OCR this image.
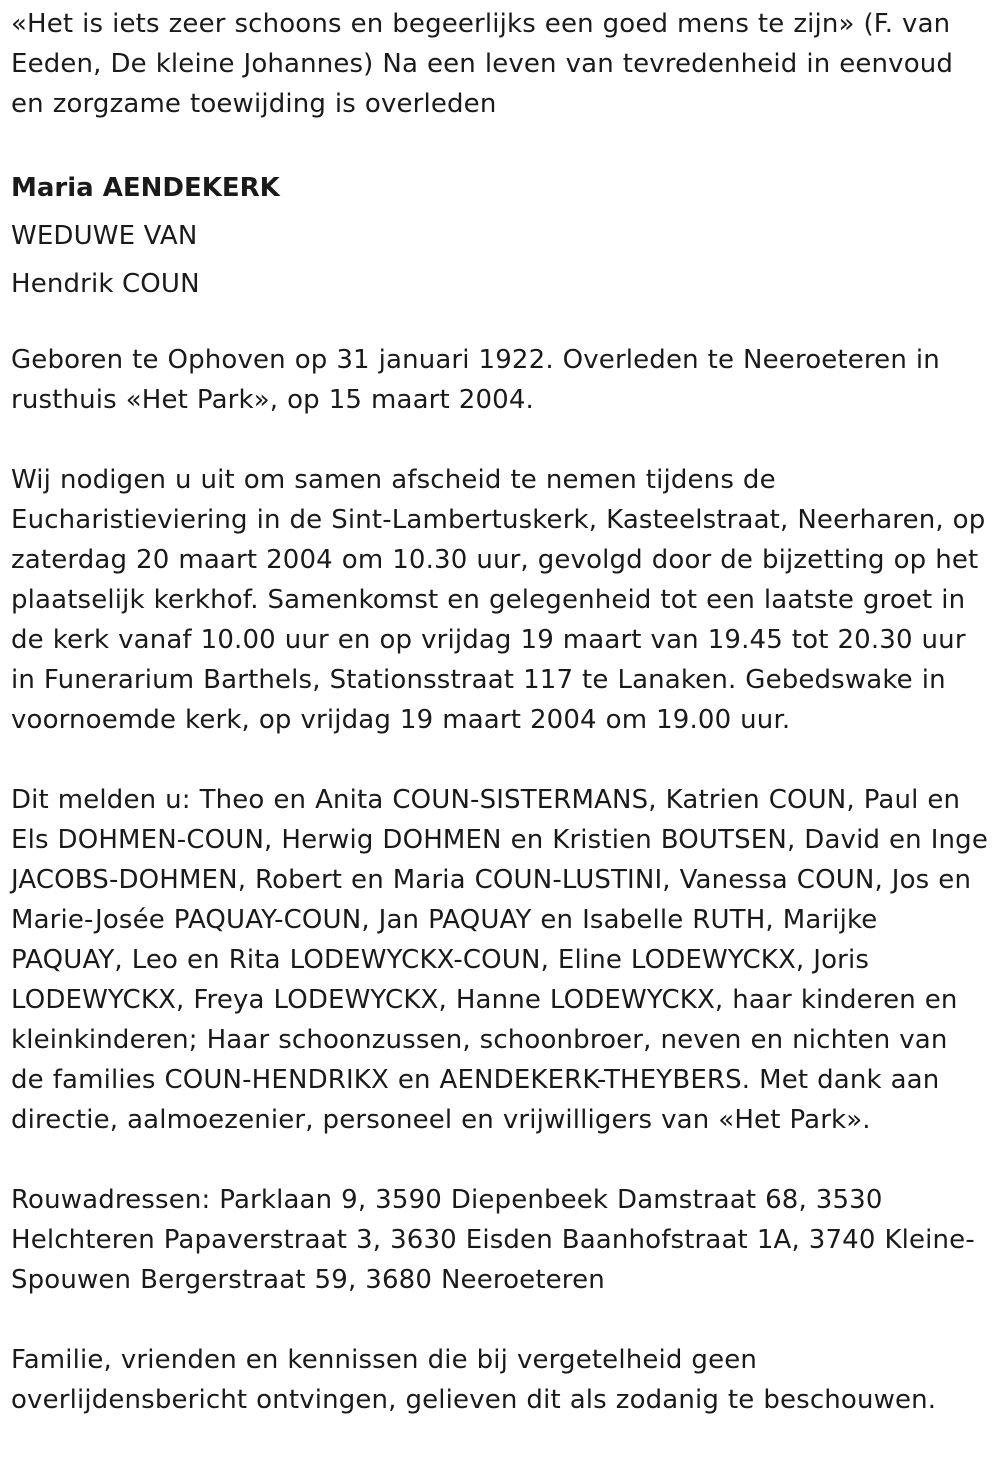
«Het is iets zeer schoons en begeerlijks een goed mens te zijn» (F. van Eeden, De kleine Johannes) Na een leven van tevredenheid in eenvoud en zorgzame toewijding is overleden

Maria AENDEKERK

WEDUWE VAN

Hendrik COUN

Geboren te Ophoven op 31 januari 1922. Overleden te Neeroeteren in rusthuis «Het Park», op 15 maart 2004.

Wij nodigen u uit om samen afscheid te nemen tijdens de Eucharistieviering in de Sint-Lambertuskerk, Kasteelstraat, Neerharen, op zaterdag 20 maart 2004 om 10.30 uur, gevolgd door de bijzetting op het plaatselijk kerkhof. Samenkomst en gelegenheid tot een laatste groet in de kerk vanaf 10.00 uur en op vrijdag 19 maart van 19.45 tot 20.30 uur in Funerarium Barthels, Stationsstraat 117 te Lanaken. Gebedswake in voornoemde kerk, op vrijdag 19 maart 2004 om 19.00 uur.

Dit melden u: Theo en Anita COUN-SISTERMANS, Katrien COUN, Paul en Els DOHMEN-COUN, Herwig DOHMEN en Kristien BOUTSEN, David en Inge JACOBS-DOHMEN, Robert en Maria COUN-LUSTINI, Vanessa COUN, Jos en Marie-Josée PAQUAY-COUN, Jan PAQUAY en Isabelle RUTH, Marijke PAQUAY, Leo en Rita LODEWYCKX-COUN, Eline LODEWYCKX, Joris LODEWYCKX, Freya LODEWYCKX, Hanne LODEWYCKX, haar kinderen en kleinkinderen; Haar schoonzussen, schoonbroer, neven en nichten van de families COUN-HENDRIKX en AENDEKERK-THEYBERS. Met dank aan directie, aalmoezenier, personeel en vrijwilligers van «Het Park».

Rouwadressen: Parklaan 9, 3590 Diepenbeek Damstraat 68, 3530 Helchteren Papaverstraat 3, 3630 Eisden Baanhofstraat 1A, 3740 Kleine-Spouwen Bergerstraat 59, 3680 Neeroeteren

Familie, vrienden en kennissen die bij vergetelheid geen overlijdensbericht ontvingen, gelieven dit als zodanig te beschouwen.
